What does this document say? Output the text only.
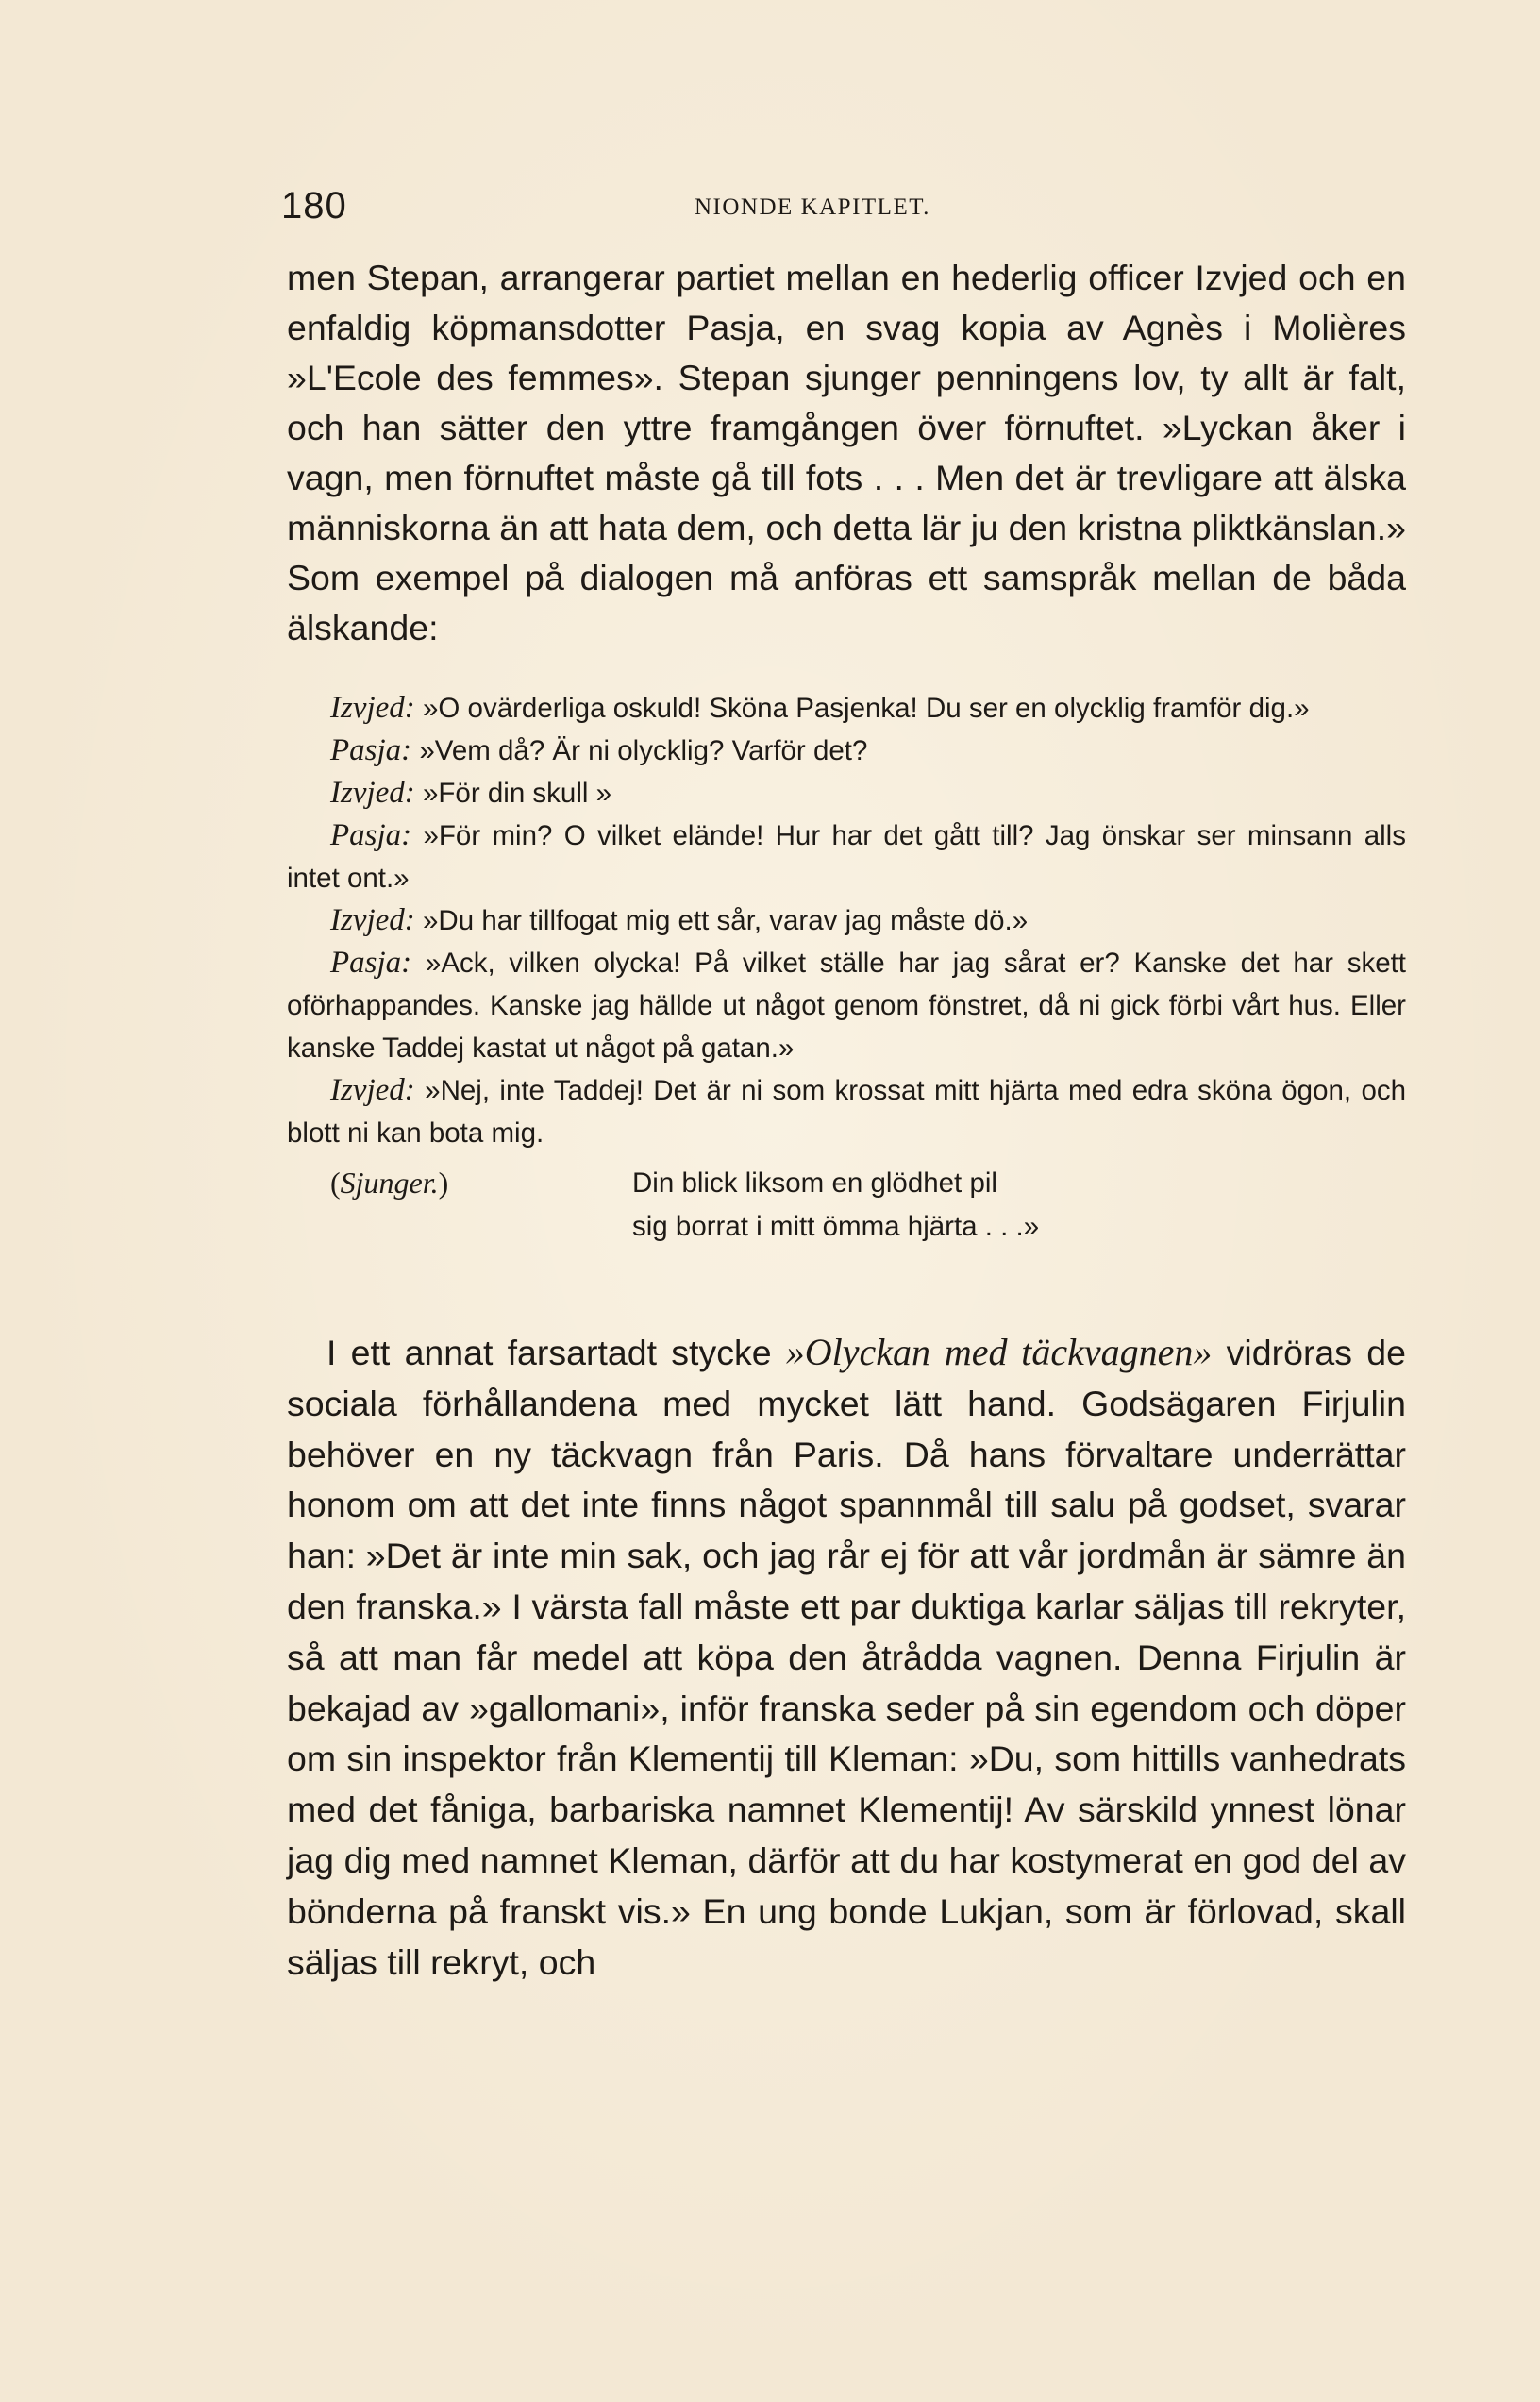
180	NIONDE KAPITLET.

men Stepan, arrangerar partiet mellan en hederlig officer Izvjed och en enfaldig köpmansdotter Pasja, en svag kopia av Agnès i Molières »L'Ecole des femmes». Stepan sjunger penningens lov, ty allt är falt, och han sätter den yttre framgången över förnuftet. »Lyckan åker i vagn, men förnuftet måste gå till fots . . . Men det är trevligare att älska människorna än att hata dem, och detta lär ju den kristna pliktkänslan.» Som exempel på dialogen må anföras ett samspråk mellan de båda älskande:

Izvjed: »O ovärderliga oskuld! Sköna Pasjenka! Du ser en olycklig framför dig.»

Pasja: »Vem då? Är ni olycklig? Varför det?

Izvjed: »För din skull »

Pasja: »För min? O vilket elände! Hur har det gått till? Jag önskar ser minsann alls intet ont.»

Izvjed: »Du har tillfogat mig ett sår, varav jag måste dö.»

Pasja: »Ack, vilken olycka! På vilket ställe har jag sårat er? Kanske det har skett oförhappandes. Kanske jag hällde ut något genom fönstret, då ni gick förbi vårt hus. Eller kanske Taddej kastat ut något på gatan.»

Izvjed: »Nej, inte Taddej! Det är ni som krossat mitt hjärta med edra sköna ögon, och blott ni kan bota mig.

(Sjunger.)	Din blick liksom en glödhet pil
sig borrat i mitt ömma hjärta . . .»

I ett annat farsartadt stycke »Olyckan med täckvagnen» vidröras de sociala förhållandena med mycket lätt hand. Godsägaren Firjulin behöver en ny täckvagn från Paris. Då hans förvaltare underrättar honom om att det inte finns något spannmål till salu på godset, svarar han: »Det är inte min sak, och jag rår ej för att vår jordmån är sämre än den franska.» I värsta fall måste ett par duktiga karlar säljas till rekryter, så att man får medel att köpa den åtrådda vagnen. Denna Firjulin är bekajad av »gallomani», inför franska seder på sin egendom och döper om sin inspektor från Klementij till Kleman: »Du, som hittills vanhedrats med det fåniga, barbariska namnet Klementij! Av särskild ynnest lönar jag dig med namnet Kleman, därför att du har kostymerat en god del av bönderna på franskt vis.» En ung bonde Lukjan, som är förlovad, skall säljas till rekryt, och
